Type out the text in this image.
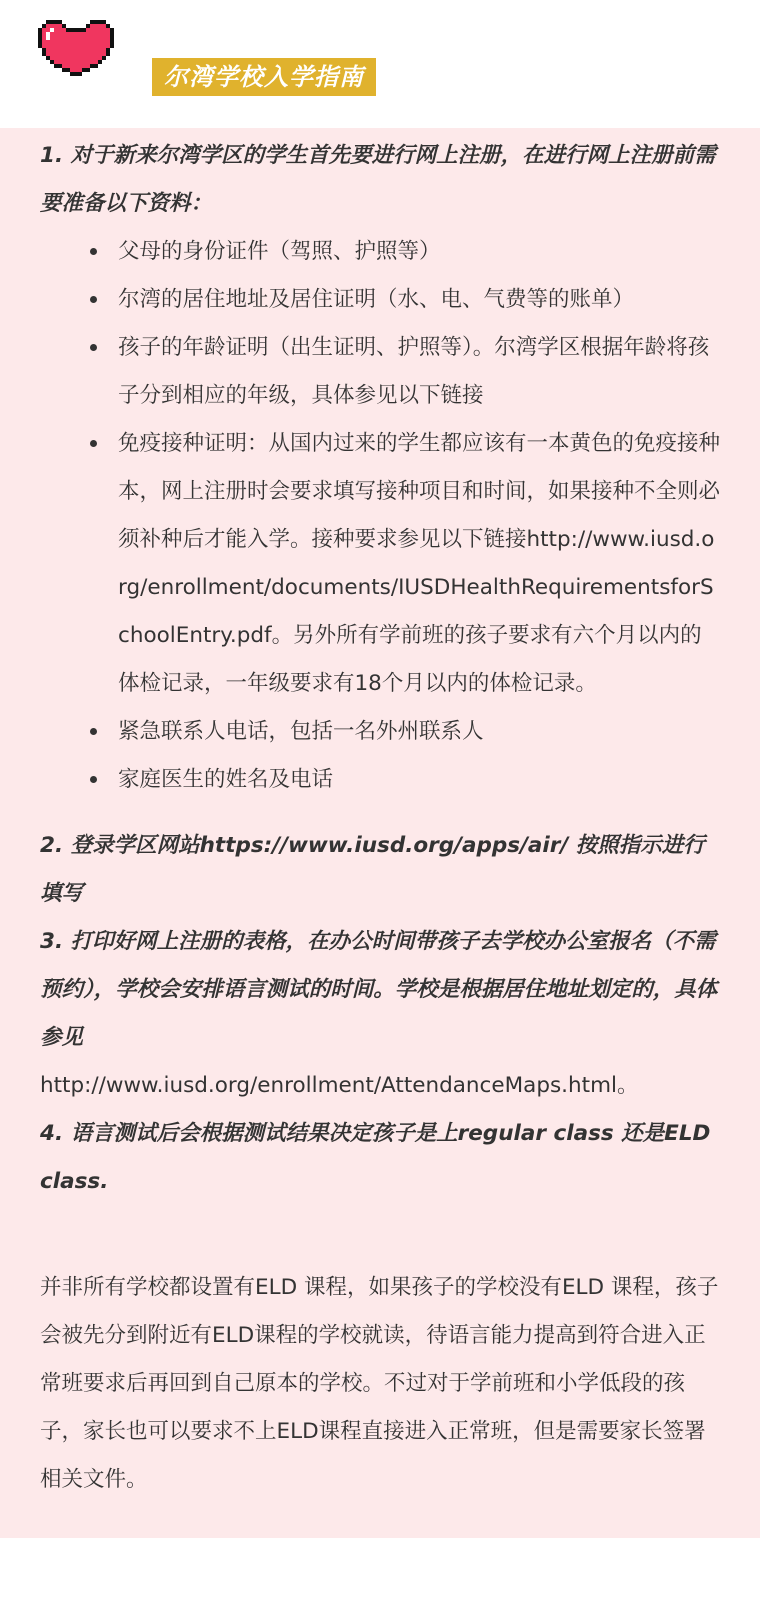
尔湾学校入学指南

1. 对于新来尔湾学区的学生首先要进行网上注册，在进行网上注册前需要准备以下资料：

父母的身份证件（驾照、护照等）
尔湾的居住地址及居住证明（水、电、气费等的账单）
孩子的年龄证明（出生证明、护照等）。尔湾学区根据年龄将孩子分到相应的年级，具体参见以下链接
免疫接种证明：从国内过来的学生都应该有一本黄色的免疫接种本，网上注册时会要求填写接种项目和时间，如果接种不全则必须补种后才能入学。接种要求参见以下链接http://www.iusd.org/enrollment/documents/IUSDHealthRequirementsforSchoolEntry.pdf。另外所有学前班的孩子要求有六个月以内的体检记录，一年级要求有18个月以内的体检记录。
紧急联系人电话，包括一名外州联系人
家庭医生的姓名及电话

2. 登录学区网站https://www.iusd.org/apps/air/ 按照指示进行填写

3. 打印好网上注册的表格，在办公时间带孩子去学校办公室报名（不需预约），学校会安排语言测试的时间。学校是根据居住地址划定的，具体参见

http://www.iusd.org/enrollment/AttendanceMaps.html。

4. 语言测试后会根据测试结果决定孩子是上regular class 还是ELD class.

并非所有学校都设置有ELD 课程，如果孩子的学校没有ELD 课程，孩子会被先分到附近有ELD课程的学校就读，待语言能力提高到符合进入正常班要求后再回到自己原本的学校。不过对于学前班和小学低段的孩子，家长也可以要求不上ELD课程直接进入正常班，但是需要家长签署相关文件。
